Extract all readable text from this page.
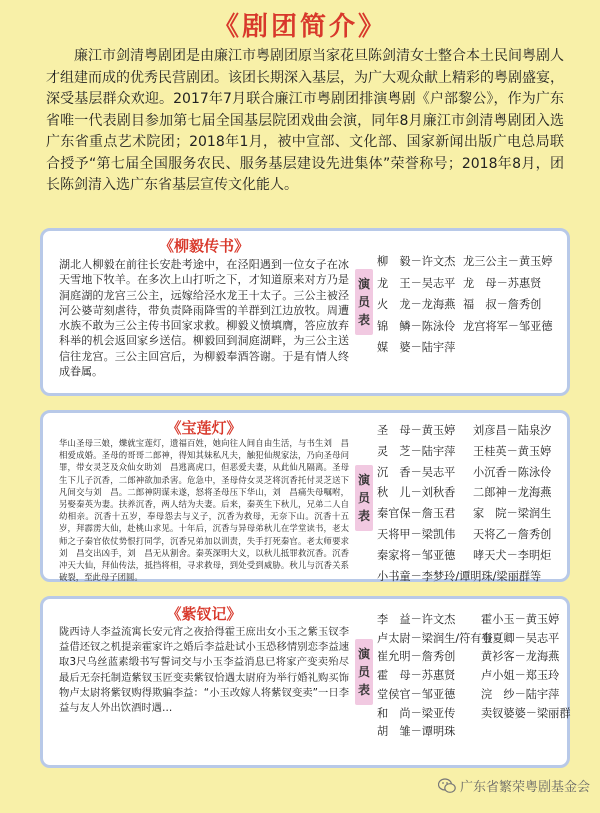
《剧团简介》
廉江市剑清粤剧团是由廉江市粤剧团原当家花旦陈剑清女士整合本土民间粤剧人才组建而成的优秀民营剧团。该团长期深入基层，为广大观众献上精彩的粤剧盛宴，深受基层群众欢迎。2017年7月联合廉江市粤剧团排演粤剧《户部黎公》，作为广东省唯一代表剧目参加第七届全国基层院团戏曲会演，同年8月廉江市剑清粤剧团入选广东省重点艺术院团；2018年1月，被中宣部、文化部、国家新闻出版广电总局联合授予“第七届全国服务农民、服务基层建设先进集体”荣誉称号；2018年8月，团长陈剑清入选广东省基层宣传文化能人。
《柳毅传书》
湖北人柳毅在前往长安赴考途中，在泾阳遇到一位女子在冰天雪地下牧羊。在多次上山打听之下，才知道原来对方乃是洞庭湖的龙宫三公主，远嫁给泾水龙王十太子。三公主被泾河公婆苛刻虐待，带负责降雨降雪的羊群到江边放牧。周遭水族不敢为三公主传书回家求救。柳毅义愤填膺，答应放弃科举的机会返回家乡送信。柳毅回到洞庭湖畔，为三公主送信往龙宫。三公主回宫后，为柳毅奉酒答谢。于是有情人终成眷属。
演
员
表
柳　毅－许文杰
龙　王－吴志平
火　龙－龙海燕
锦　鳞－陈泳伶
媒　婆－陆宇萍
龙三公主－黄玉婷
龙　母－苏惠贤
福　叔－詹秀创
龙宫将军－邹亚德
《宝莲灯》
华山圣母三娘，爍就宝莲灯，遗福百姓，她向往人间自由生活，与书生刘　昌相爱成婚。圣母的哥哥二郎神，得知其妹私凡夫，触犯仙规家法，乃向圣母问罪，带女灵芝及众仙女助刘　昌逃离虎口，但恶爱夫妻，从此仙凡隔离。圣母生下儿子沉香，二郎神欲加杀害。危急中，圣母侍女灵芝将沉香托付灵芝送下凡间交与刘　昌。二郎神阴谋未遂，怒将圣母压下华山，刘　昌痛失母嘱咐，另娶秦英为妻。扶养沉香，两人结为夫妻。后来，秦英生下秋儿，兄弟二人自幼相亲。沉香十五岁，奉母怨去与义子，沉香为救母，无奈下山。沉香十五岁，拜霹雳大仙，赴桃山求见。十年后，沉香与异母弟秋儿在学堂读书，老太师之子秦官依仗势恨打同学，沉香兄弟加以训责，失手打死秦官。老太师要求刘　昌交出凶手，刘　昌无从割舍。秦英深明大义，以秋儿抵罪救沉香。沉香冲天大仙，拜仙传法，抵挡将相，寻求救母，到处受到威胁。秋儿与沉香关系破裂，至此母子团圆。
演
员
表
圣　母－黄玉婷
灵　芝－陆宇萍
沉　香－吴志平
秋　儿－刘秋香
秦官保－詹玉君
天将甲－梁凯伟
秦家将－邹亚德
小书童－李梦玲/谭明珠/梁丽群等
刘彦昌－陆泉汐
王桂英－黄玉婷
小沉香－陈泳伶
二郎神－龙海燕
家　院－梁润生
天将乙－詹秀创
哮天犬－李明炬
《紫钗记》
陇西诗人李益流寓长安元宵之夜拾得霍王庶出女小玉之紫玉钗李益借还钗之机提亲霍家许之婚后李益赴试小玉恐移情别恋李益速取3尺乌丝蓝素缎书写誓词交与小玉李益消息已将家产变卖殆尽最后无奈托制造紫钗玉匠变卖紫钗恰遇太尉府为举行婚礼购买饰物卢太尉将紫钗购得欺骗李益：“小玉改嫁人将紫钗变卖”一日李益与友人外出饮酒时遇…
演
员
表
李　益－许文杰
卢太尉－梁润生/符有登
崔允明－詹秀创
霍　母－苏惠贤
堂侯官－邹亚德
和　尚－梁亚传
胡　雏－谭明珠
霍小玉－黄玉婷
韦夏卿－吴志平
黄衫客－龙海燕
卢小姐－郑玉玲
浣　纱－陆宇萍
卖钗婆婆－梁丽群
广东省繁荣粤剧基金会
